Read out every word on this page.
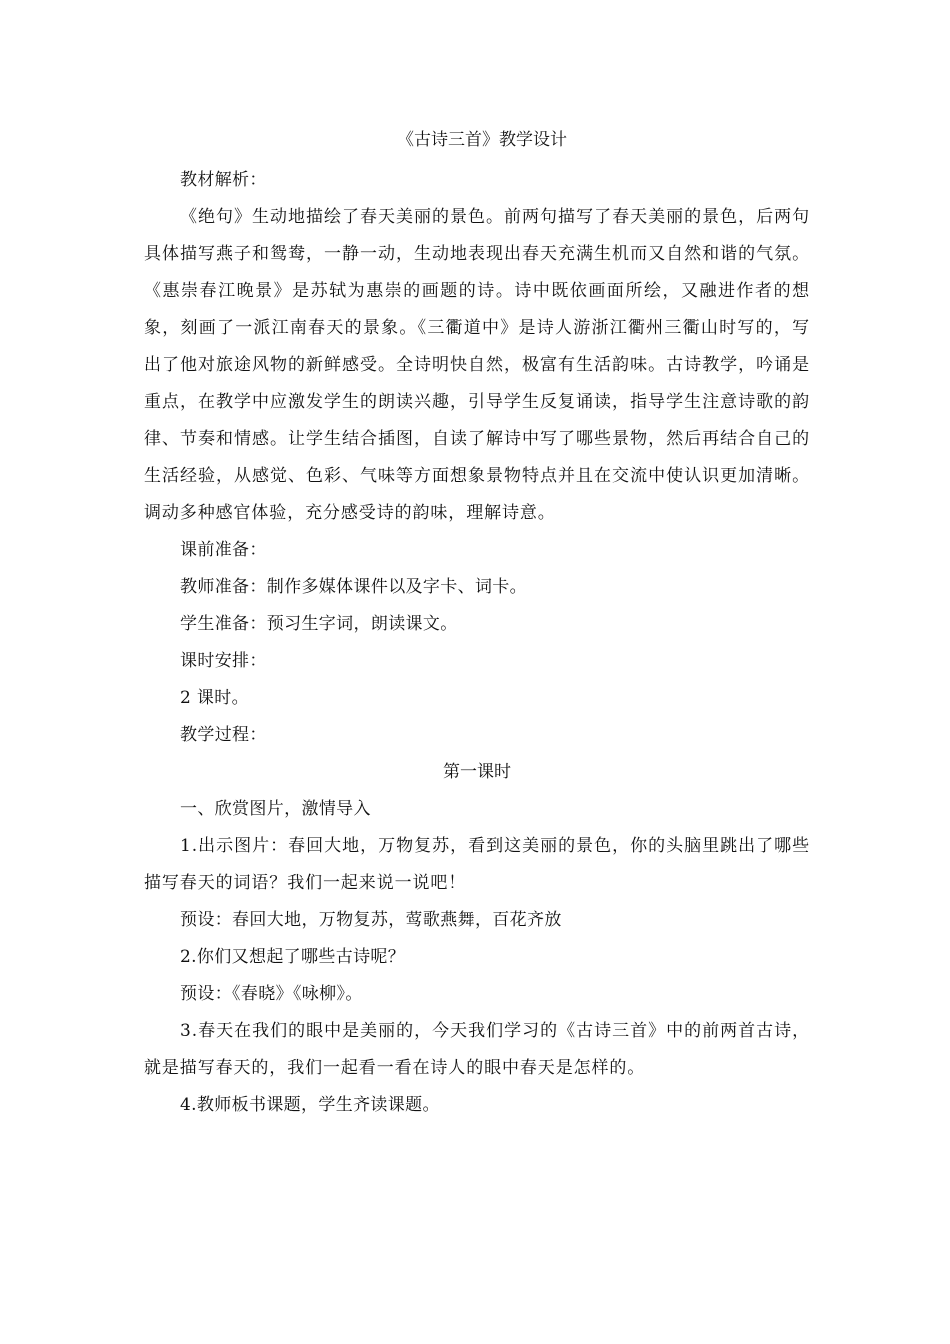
《古诗三首》教学设计

教材解析：

《绝句》生动地描绘了春天美丽的景色。前两句描写了春天美丽的景色，后两句具体描写燕子和鸳鸯，一静一动，生动地表现出春天充满生机而又自然和谐的气氛。《惠崇春江晚景》是苏轼为惠崇的画题的诗。诗中既依画面所绘，又融进作者的想象，刻画了一派江南春天的景象。《三衢道中》是诗人游浙江衢州三衢山时写的，写出了他对旅途风物的新鲜感受。全诗明快自然，极富有生活韵味。古诗教学，吟诵是重点，在教学中应激发学生的朗读兴趣，引导学生反复诵读，指导学生注意诗歌的韵律、节奏和情感。让学生结合插图，自读了解诗中写了哪些景物，然后再结合自己的生活经验，从感觉、色彩、气味等方面想象景物特点并且在交流中使认识更加清晰。调动多种感官体验，充分感受诗的韵味，理解诗意。

课前准备：

教师准备：制作多媒体课件以及字卡、词卡。

学生准备：预习生字词，朗读课文。

课时安排：

2 课时。

教学过程：

第一课时

一、欣赏图片，激情导入

1.出示图片：春回大地，万物复苏，看到这美丽的景色，你的头脑里跳出了哪些描写春天的词语？我们一起来说一说吧！

预设：春回大地，万物复苏，莺歌燕舞，百花齐放

2.你们又想起了哪些古诗呢？

预设：《春晓》《咏柳》。

3.春天在我们的眼中是美丽的，今天我们学习的《古诗三首》中的前两首古诗，就是描写春天的，我们一起看一看在诗人的眼中春天是怎样的。

4.教师板书课题，学生齐读课题。
